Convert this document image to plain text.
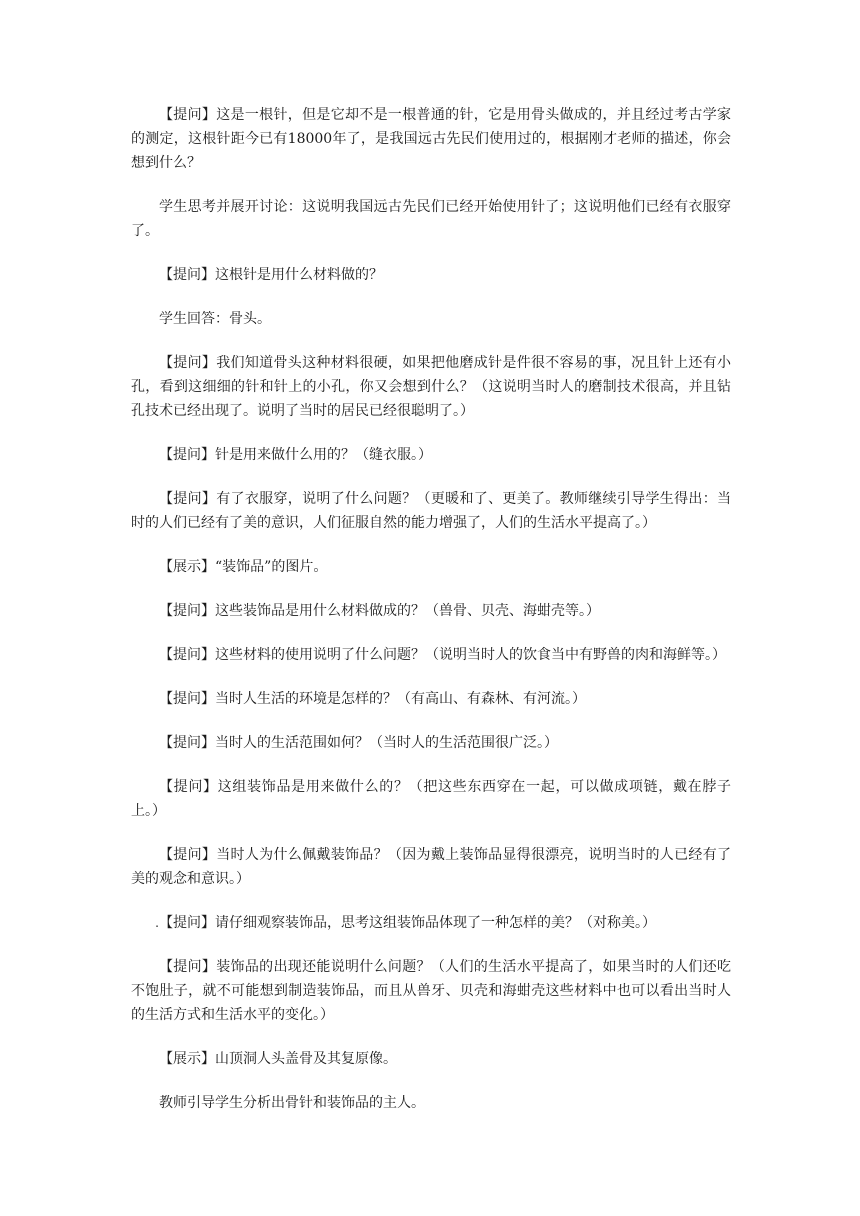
【提问】这是一根针，但是它却不是一根普通的针，它是用骨头做成的，并且经过考古学家的测定，这根针距今已有18000年了，是我国远古先民们使用过的，根据刚才老师的描述，你会想到什么？

学生思考并展开讨论：这说明我国远古先民们已经开始使用针了；这说明他们已经有衣服穿了。

【提问】这根针是用什么材料做的？

学生回答：骨头。

【提问】我们知道骨头这种材料很硬，如果把他磨成针是件很不容易的事，况且针上还有小孔，看到这细细的针和针上的小孔，你又会想到什么？（这说明当时人的磨制技术很高，并且钻孔技术已经出现了。说明了当时的居民已经很聪明了。）

【提问】针是用来做什么用的？（缝衣服。）

【提问】有了衣服穿，说明了什么问题？（更暖和了、更美了。教师继续引导学生得出：当时的人们已经有了美的意识，人们征服自然的能力增强了，人们的生活水平提高了。）

【展示】“装饰品”的图片。

【提问】这些装饰品是用什么材料做成的？（兽骨、贝壳、海蚶壳等。）

【提问】这些材料的使用说明了什么问题？（说明当时人的饮食当中有野兽的肉和海鲜等。）

【提问】当时人生活的环境是怎样的？（有高山、有森林、有河流。）

【提问】当时人的生活范围如何？（当时人的生活范围很广泛。）

【提问】这组装饰品是用来做什么的？（把这些东西穿在一起，可以做成项链，戴在脖子上。）

【提问】当时人为什么佩戴装饰品？（因为戴上装饰品显得很漂亮，说明当时的人已经有了美的观念和意识。）

.【提问】请仔细观察装饰品，思考这组装饰品体现了一种怎样的美？（对称美。）

【提问】装饰品的出现还能说明什么问题？（人们的生活水平提高了，如果当时的人们还吃不饱肚子，就不可能想到制造装饰品，而且从兽牙、贝壳和海蚶壳这些材料中也可以看出当时人的生活方式和生活水平的变化。）

【展示】山顶洞人头盖骨及其复原像。

教师引导学生分析出骨针和装饰品的主人。
